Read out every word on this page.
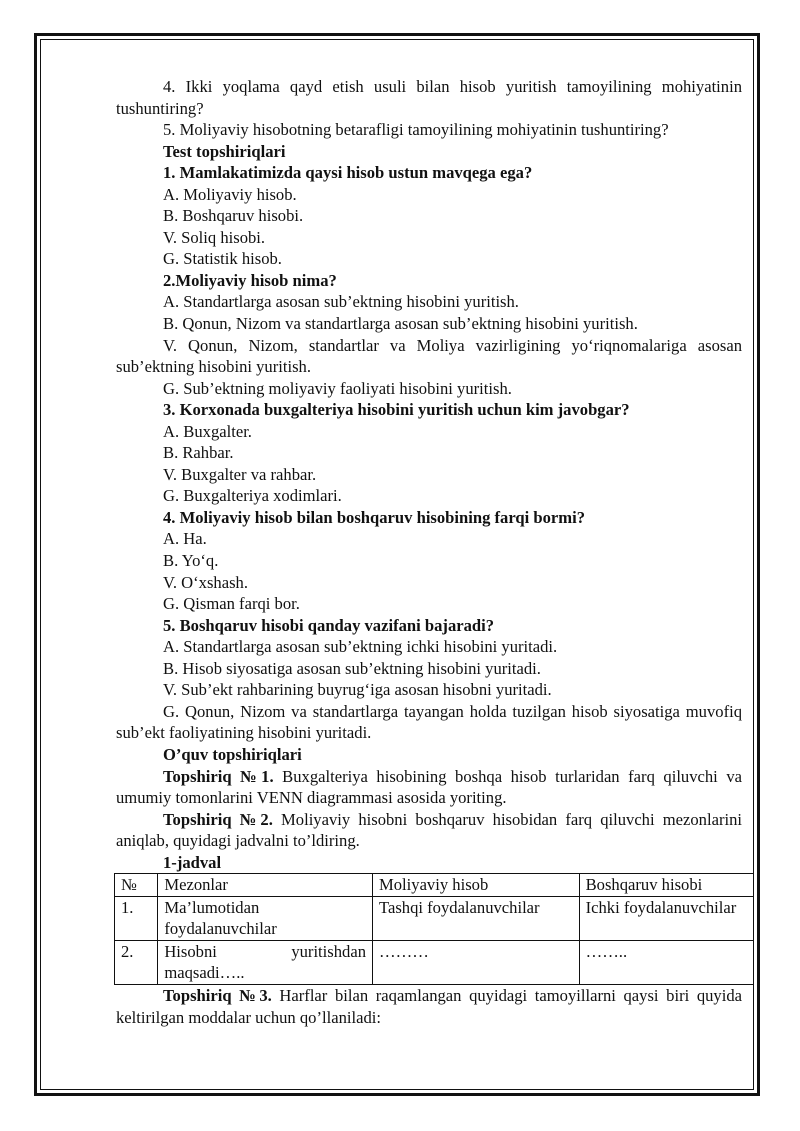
4. Ikki yoqlama qayd etish usuli bilan hisob yuritish tamoyilining mohiyatinin tushuntiring?

5. Moliyaviy hisobotning betarafligi tamoyilining mohiyatinin tushuntiring?

Test topshiriqlari

1. Mamlakatimizda qaysi hisob ustun mavqega ega?

A. Moliyaviy hisob.

B. Boshqaruv hisobi.

V. Soliq hisobi.

G. Statistik hisob.

2.Moliyaviy hisob nima?

A. Standartlarga asosan sub’ektning hisobini yuritish.

B. Qonun, Nizom va standartlarga asosan sub’ektning hisobini yuritish.

V. Qonun, Nizom, standartlar va Moliya vazirligining yo‘riqnomalariga asosan sub’ektning hisobini yuritish.

G. Sub’ektning moliyaviy faoliyati hisobini yuritish.

3. Korxonada buxgalteriya hisobini yuritish uchun kim javobgar?

A. Buxgalter.

B. Rahbar.

V. Buxgalter va rahbar.

G. Buxgalteriya xodimlari.

4. Moliyaviy hisob bilan boshqaruv hisobining farqi bormi?

A. Ha.

B. Yo‘q.

V. O‘xshash.

G. Qisman farqi bor.

5. Boshqaruv hisobi qanday vazifani bajaradi?

A. Standartlarga asosan sub’ektning ichki hisobini yuritadi.

B. Hisob siyosatiga asosan sub’ektning hisobini yuritadi.

V. Sub’ekt rahbarining buyrug‘iga asosan hisobni yuritadi.

G. Qonun, Nizom va standartlarga tayangan holda tuzilgan hisob siyosatiga muvofiq sub’ekt faoliyatining hisobini yuritadi.

O’quv topshiriqlari

Topshiriq №1. Buxgalteriya hisobining boshqa hisob turlaridan farq qiluvchi va umumiy tomonlarini VENN diagrammasi asosida yoriting.

Topshiriq №2. Moliyaviy hisobni boshqaruv hisobidan farq qiluvchi mezonlarini aniqlab, quyidagi jadvalni to’ldiring.

1-jadval

№	Mezonlar	Moliyaviy hisob	Boshqaruv hisobi
1.	Ma’lumotidan foydalanuvchilar	Tashqi foydalanuvchilar	Ichki foydalanuvchilar
2.	Hisobni yuritishdan maqsadi…..	………	……..

Topshiriq №3. Harflar bilan raqamlangan quyidagi tamoyillarni qaysi biri quyida keltirilgan moddalar uchun qo’llaniladi:
